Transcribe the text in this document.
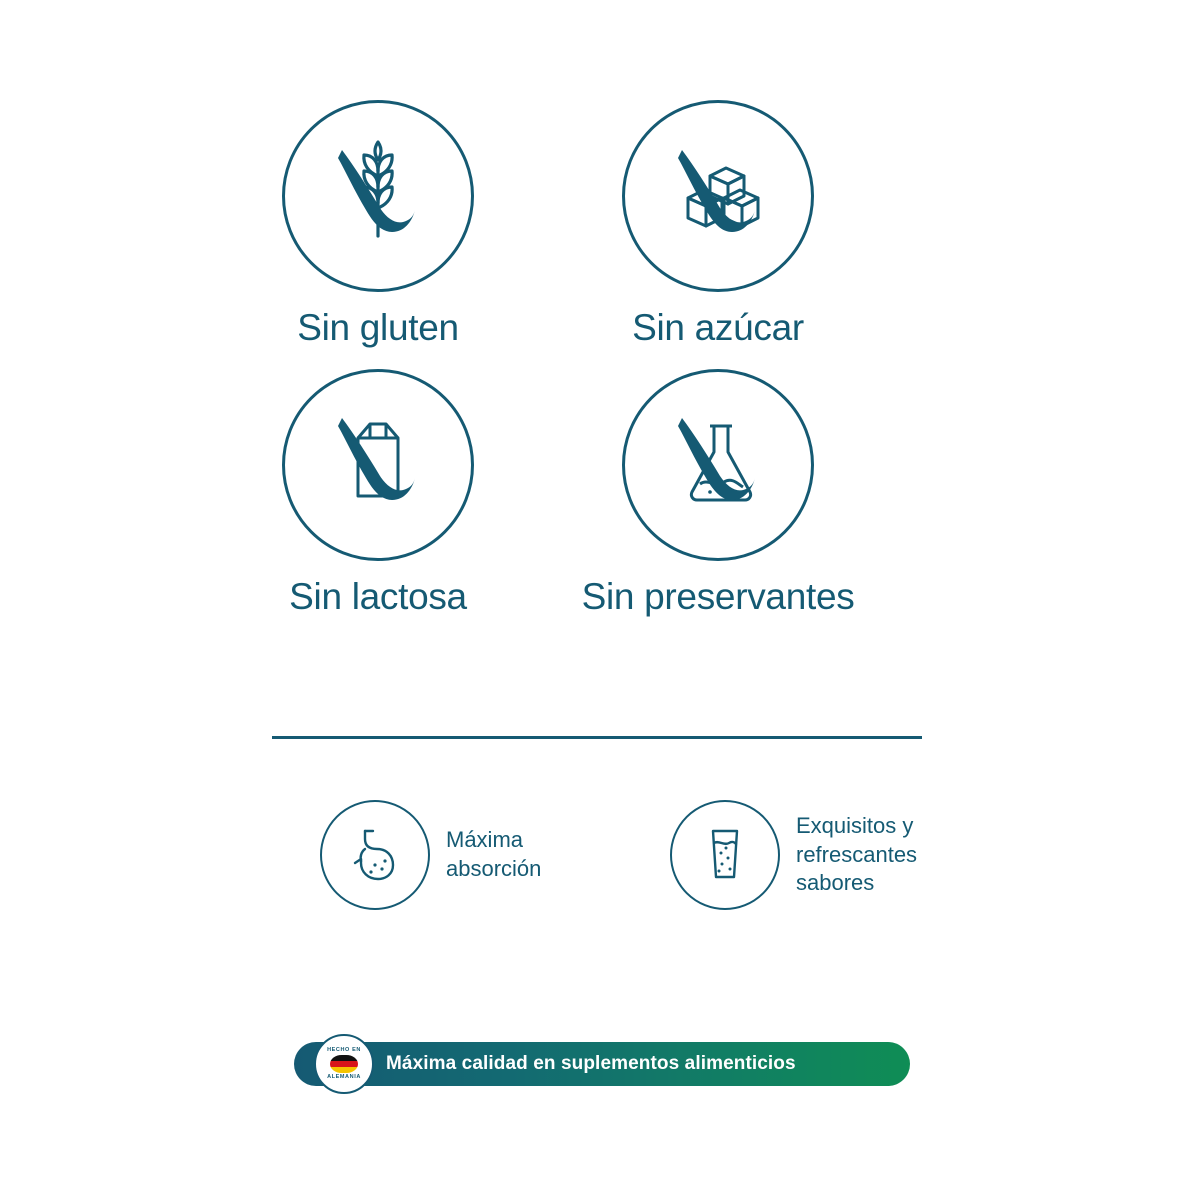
Sin gluten	Sin azúcar
Sin lactosa	Sin preservantes
Máxima absorción
Exquisitos y refrescantes sabores
HECHO EN
ALEMANIA
Máxima calidad en suplementos alimenticios
